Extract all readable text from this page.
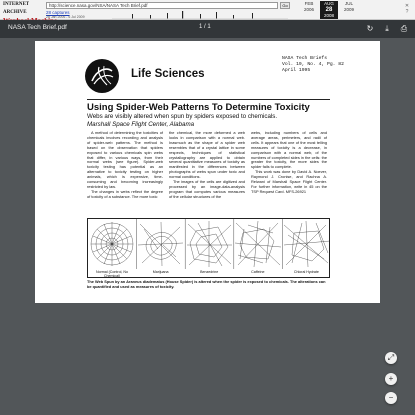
INTERNET ARCHIVE
http://science.nasa.gov/NSA/NASA Tech Brief.pdf	Go
28 captures
28 Jan 2006 - 6 Jul 2009
FEB
2006
AUG
28
2008
JUL
2009
✕
?
NASA Tech Brief.pdf	1 / 1	↻	⤓	⎙
Life Sciences
NASA Tech Briefs
Vol. 19, No. 4, Pg. 82
April 1995
Using Spider-Web Patterns To Determine Toxicity
Webs are visibly altered when spun by spiders exposed to chemicals.
Marshall Space Flight Center, Alabama

A method of determining the toxicities of chemicals involves recording and analysis of spider-web patterns. The method is based on the observation that spiders exposed to various chemicals spin webs that differ, in various ways, from their normal webs (see figure). Spider-web toxicity testing has potential as an alternative to toxicity testing on higher animals, which is expensive, time-consuming and becoming increasingly restricted by law.

The changes in webs reflect the degree of toxicity of a substance. The more toxic

the chemical, the more deformed a web looks in comparison with a normal web. Inasmuch as the shape of a spider web resembles that of a crystal lattice in some respects, techniques of statistical crystallography are applied to obtain several quantitative measures of toxicity as manifested in the differences between photographs of webs spun under toxic and normal conditions.

The images of the cells are digitized and processed by an image-data-analysis program that computes various measures of the cellular structures of the

webs, including numbers of cells and average areas, perimeters, and radii of cells. It appears that one of the most telling measures of toxicity is a decrease, in comparison with a normal web, of the numbers of completed sides in the cells: the greater the toxicity, the more sides the spider fails to complete.

This work was done by David A. Noever, Raymond J. Cronise, and Rachna A. Relwani of Marshall Space Flight Center. For further information, write in 45 on the TSP Request Card. MFS-26921

Normal (Control, No Chemical)
Marijuana	Benzedrine	Caffeine	Chloral Hydrate
The Web Spun by an Araneus diadematus (House Spider) is altered when the spider is exposed to chemicals. The alterations can be quantified and used as measures of toxicity.
⤢
+
−
